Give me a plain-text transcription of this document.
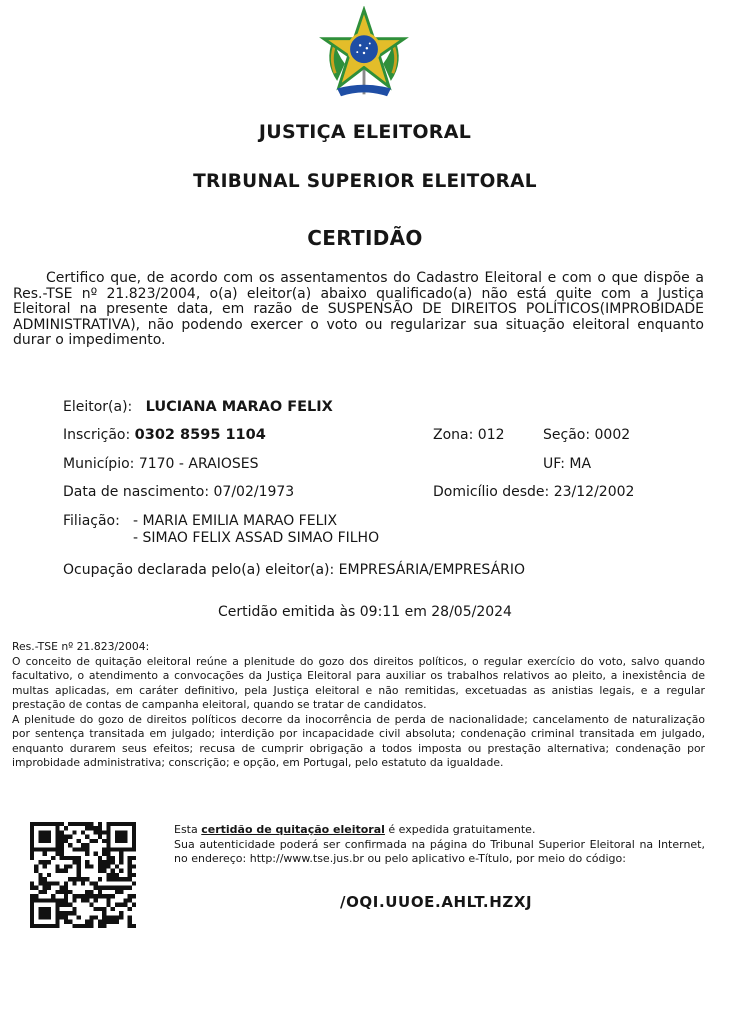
JUSTIÇA ELEITORAL
TRIBUNAL SUPERIOR ELEITORAL
CERTIDÃO
Certifico que, de acordo com os assentamentos do Cadastro Eleitoral e com o que dispõe a Res.-TSE nº 21.823/2004, o(a) eleitor(a) abaixo qualificado(a) não está quite com a Justiça Eleitoral na presente data, em razão de SUSPENSÃO DE DIREITOS POLÍTICOS(IMPROBIDADE ADMINISTRATIVA), não podendo exercer o voto ou regularizar sua situação eleitoral enquanto durar o impedimento.
Eleitor(a): LUCIANA MARAO FELIX
Inscrição: 0302 8595 1104	Zona: 012	Seção: 0002
Município: 7170 - ARAIOSES	UF: MA
Data de nascimento: 07/02/1973	Domicílio desde: 23/12/2002
Filiação: - MARIA EMILIA MARAO FELIX
- SIMAO FELIX ASSAD SIMAO FILHO
Ocupação declarada pelo(a) eleitor(a): EMPRESÁRIA/EMPRESÁRIO
Certidão emitida às 09:11 em 28/05/2024

Res.-TSE nº 21.823/2004:

O conceito de quitação eleitoral reúne a plenitude do gozo dos direitos políticos, o regular exercício do voto, salvo quando facultativo, o atendimento a convocações da Justiça Eleitoral para auxiliar os trabalhos relativos ao pleito, a inexistência de multas aplicadas, em caráter definitivo, pela Justiça eleitoral e não remitidas, excetuadas as anistias legais, e a regular prestação de contas de campanha eleitoral, quando se tratar de candidatos.

A plenitude do gozo de direitos políticos decorre da inocorrência de perda de nacionalidade; cancelamento de naturalização por sentença transitada em julgado; interdição por incapacidade civil absoluta; condenação criminal transitada em julgado, enquanto durarem seus efeitos; recusa de cumprir obrigação a todos imposta ou prestação alternativa; condenação por improbidade administrativa; conscrição; e opção, em Portugal, pelo estatuto da igualdade.

Esta certidão de quitação eleitoral é expedida gratuitamente.

Sua autenticidade poderá ser confirmada na página do Tribunal Superior Eleitoral na Internet, no endereço: http://www.tse.jus.br ou pelo aplicativo e-Título, por meio do código:

/OQI.UUOE.AHLT.HZXJ
